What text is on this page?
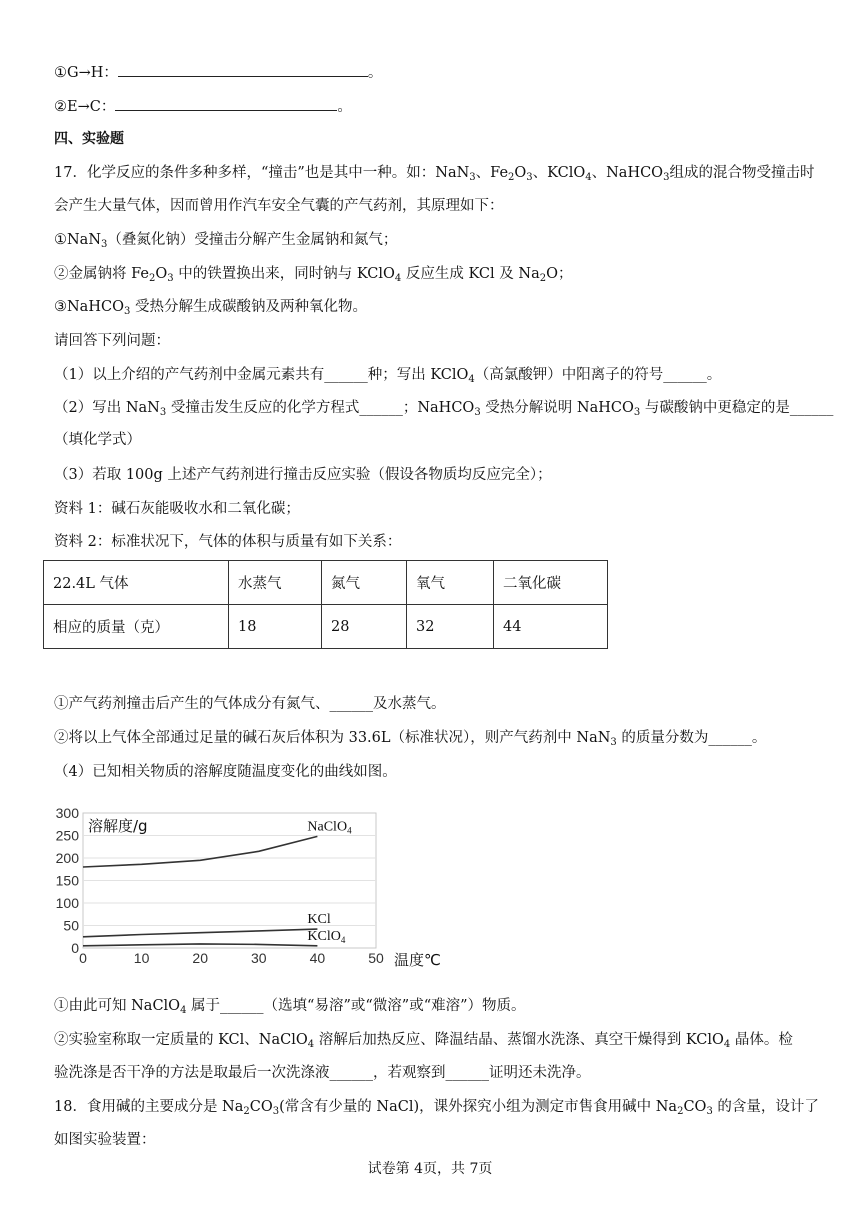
①G→H：	。
②E→C：	。
四、实验题
17．化学反应的条件多种多样，“撞击”也是其中一种。如：NaN$_3$、$Fe_2O_3$、KClO$_4$、NaHCO$_3$组成的混合物受撞击时
会产生大量气体，因而曾用作汽车安全气囊的产气药剂，其原理如下：
①NaN$_3$（叠氮化钠）受撞击分解产生金属钠和氮气；
②金属钠将 $Fe_2O_3$ 中的铁置换出来，同时钠与 KClO$_4$ 反应生成 KCl 及 $Na_2O$；
③NaHCO$_3$ 受热分解生成碳酸钠及两种氧化物。
请回答下列问题：
（1）以上介绍的产气药剂中金属元素共有______种；写出 KClO$_4$（高氯酸钾）中阳离子的符号______。
（2）写出 NaN$_3$ 受撞击发生反应的化学方程式______；NaHCO$_3$ 受热分解说明 NaHCO$_3$ 与碳酸钠中更稳定的是______
（填化学式）
（3）若取 100g 上述产气药剂进行撞击反应实验（假设各物质均反应完全）；
资料 1：碱石灰能吸收水和二氧化碳；
资料 2：标准状况下，气体的体积与质量有如下关系：
22.4L 气体	水蒸气	氮气	氧气	二氧化碳
相应的质量（克）	18	28	32	44
①产气药剂撞击后产生的气体成分有氮气、______及水蒸气。
②将以上气体全部通过足量的碱石灰后体积为 33.6L（标准状况），则产气药剂中 NaN$_3$ 的质量分数为______。
（4）已知相关物质的溶解度随温度变化的曲线如图。
0
50
100
150
200
250
300
0	10	20	30	40	50
溶解度/g
温度℃
NaClO$_4$
KCl
KClO$_4$
①由此可知 NaClO$_4$ 属于______（选填“易溶”或“微溶”或“难溶”）物质。
②实验室称取一定质量的 KCl、NaClO$_4$ 溶解后加热反应、降温结晶、蒸馏水洗涤、真空干燥得到 KClO$_4$ 晶体。检
验洗涤是否干净的方法是取最后一次洗涤液______，若观察到______证明还未洗净。
18．食用碱的主要成分是 $Na_2CO_3$(常含有少量的 NaCl)，课外探究小组为测定市售食用碱中 $Na_2CO_3$ 的含量，设计了
如图实验装置：
试卷第 4页，共 7页
